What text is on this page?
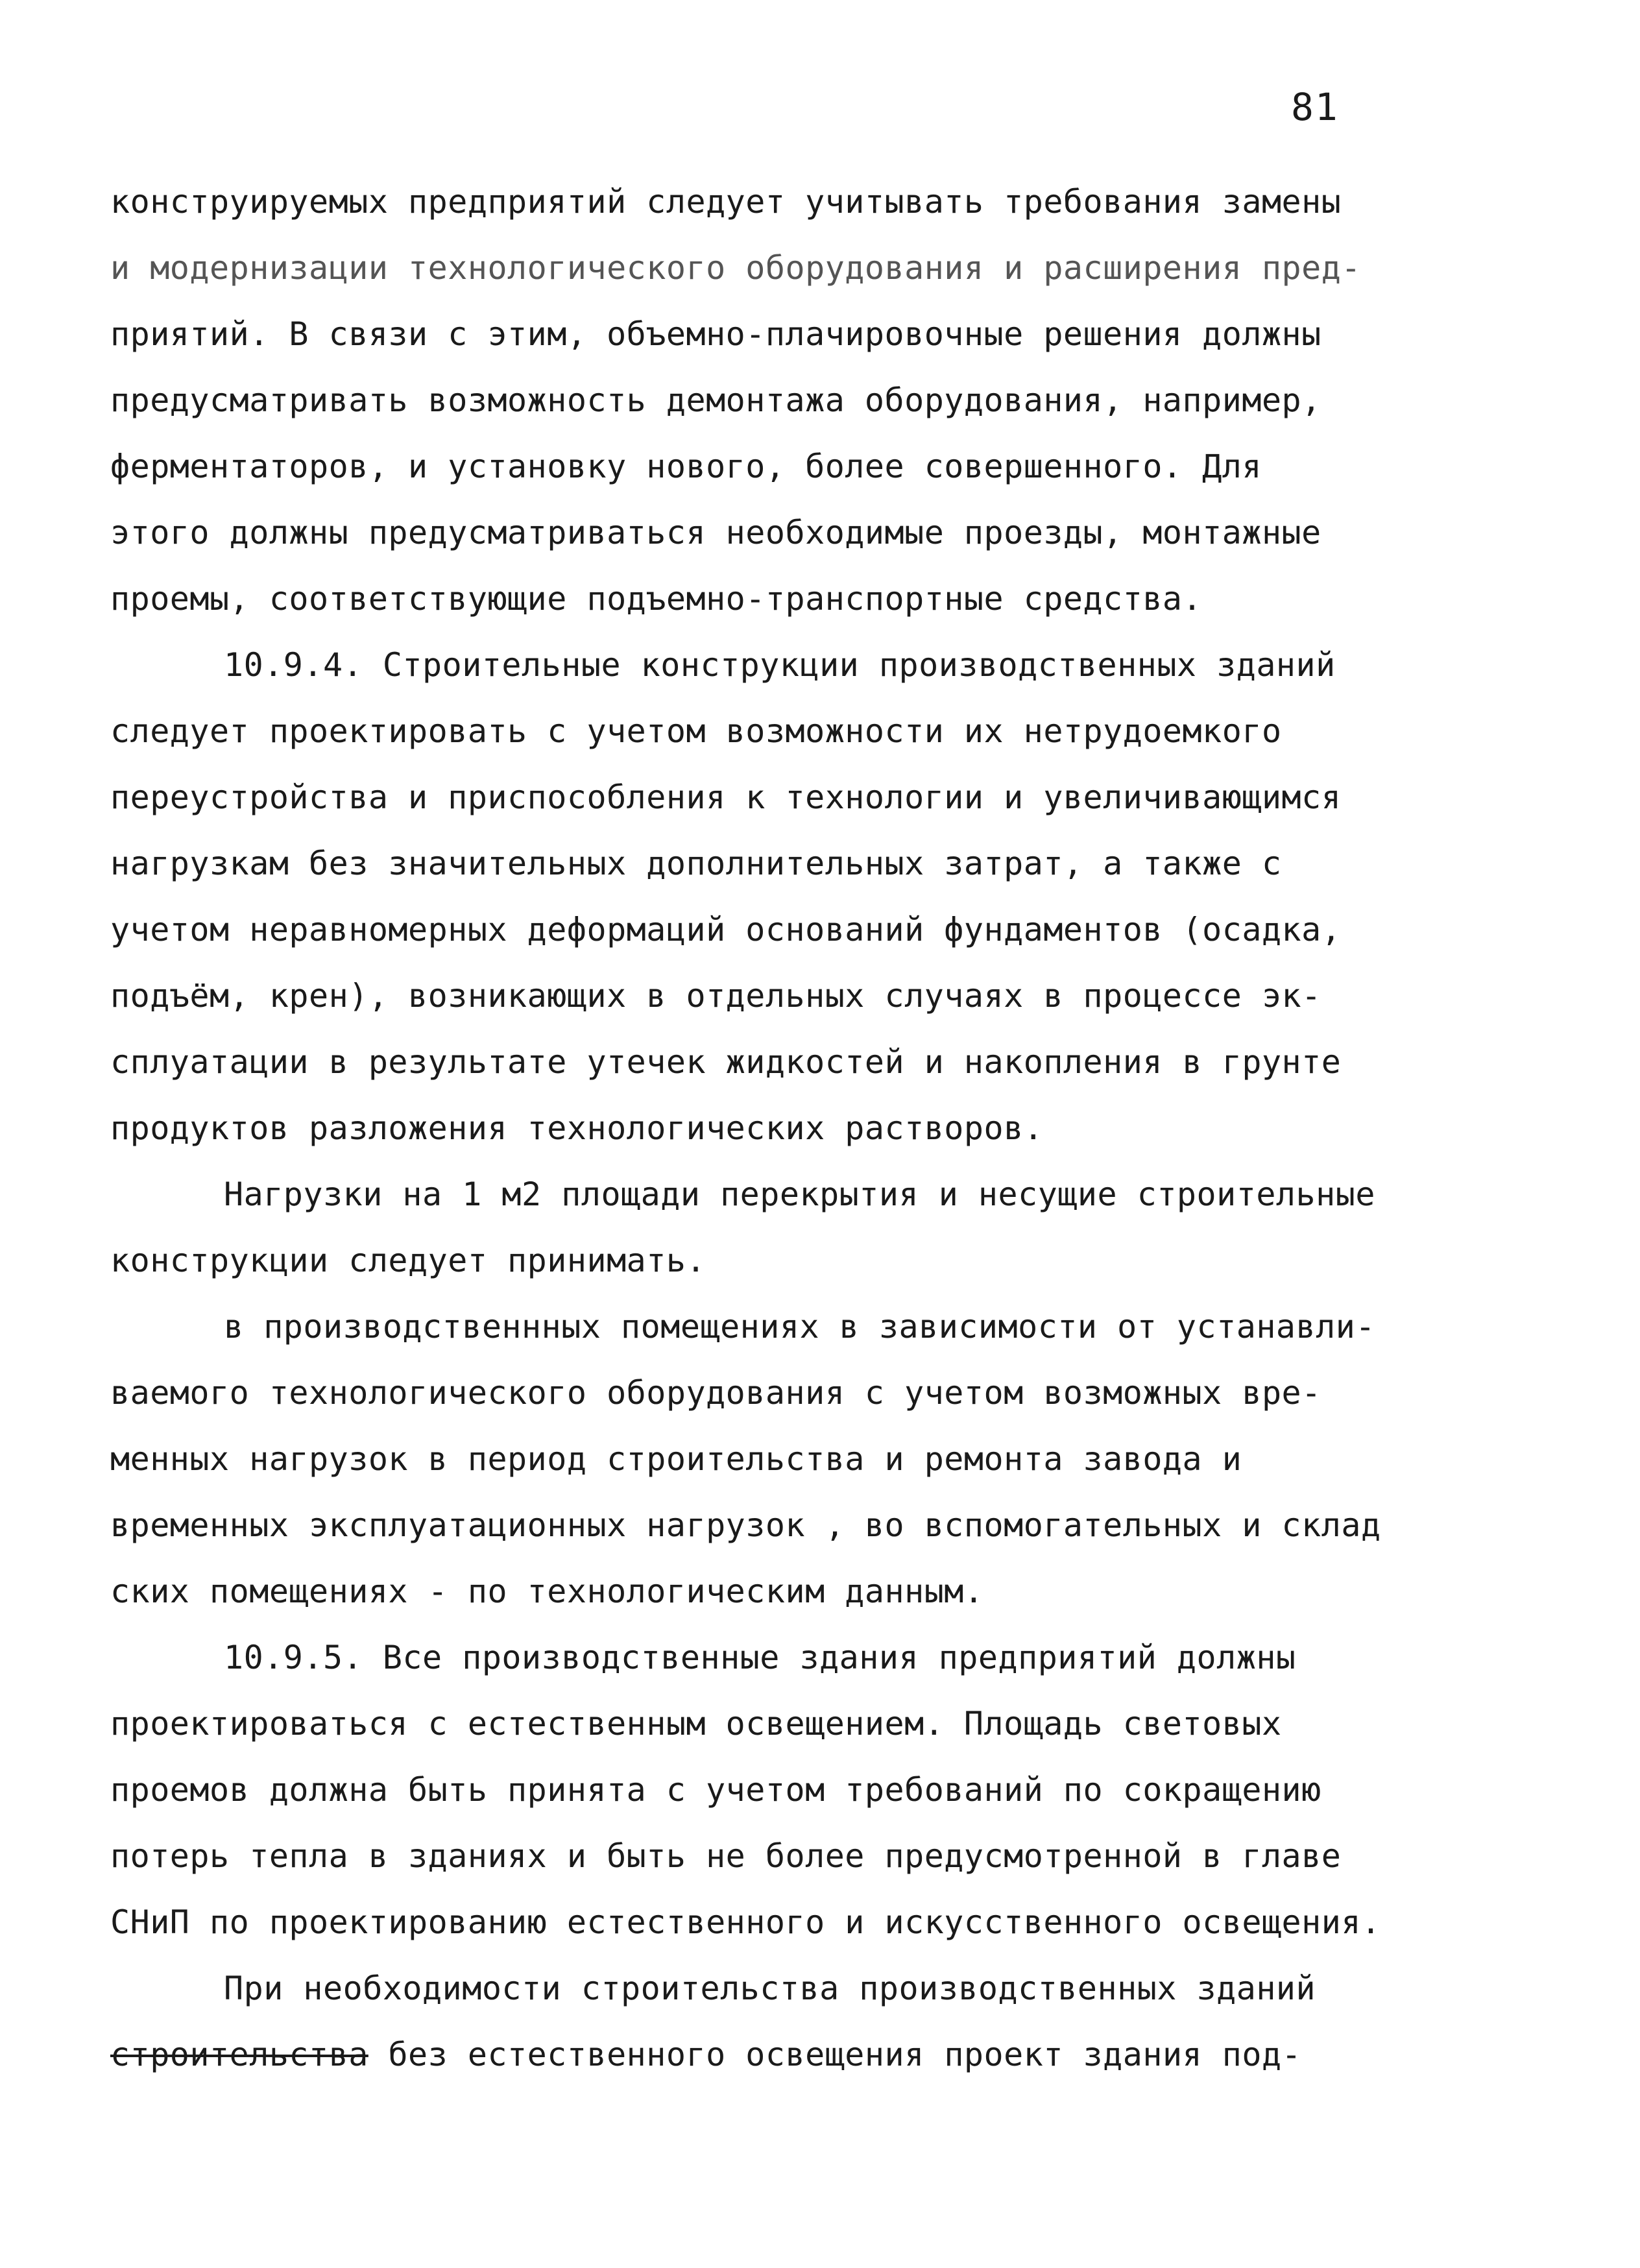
81
конструируемых предприятий следует учитывать требования замены
и модернизации технологического оборудования и расширения пред-
приятий. В связи с этим, объемно-плачировочные решения должны
предусматривать возможность демонтажа оборудования, например,
ферментаторов, и установку нового, более совершенного. Для
этого должны предусматриваться необходимые проезды, монтажные
проемы, соответствующие подъемно-транспортные средства.
10.9.4. Строительные конструкции производственных зданий
следует проектировать с учетом возможности их нетрудоемкого
переустройства и приспособления к технологии и увеличивающимся
нагрузкам без значительных дополнительных затрат, а также с
учетом неравномерных деформаций оснований фундаментов (осадка,
подъём, крен), возникающих в отдельных случаях в процессе эк-
сплуатации в результате утечек жидкостей и накопления в грунте
продуктов разложения технологических растворов.
Нагрузки на 1 м2 площади перекрытия и несущие строительные
конструкции следует принимать.
в производственнных помещениях в зависимости от устанавли-
ваемого технологического оборудования с учетом возможных вре-
менных нагрузок в период строительства и ремонта завода и
временных эксплуатационных нагрузок , во вспомогательных и склад
ских помещениях - по технологическим данным.
10.9.5. Все производственные здания предприятий должны
проектироваться с естественным освещением. Площадь световых
проемов должна быть принята с учетом требований по сокращению
потерь тепла в зданиях и быть не более предусмотренной в главе
СНиП по проектированию естественного и искусственного освещения.
При необходимости строительства производственных зданий
строительства без естественного освещения проект здания под-
